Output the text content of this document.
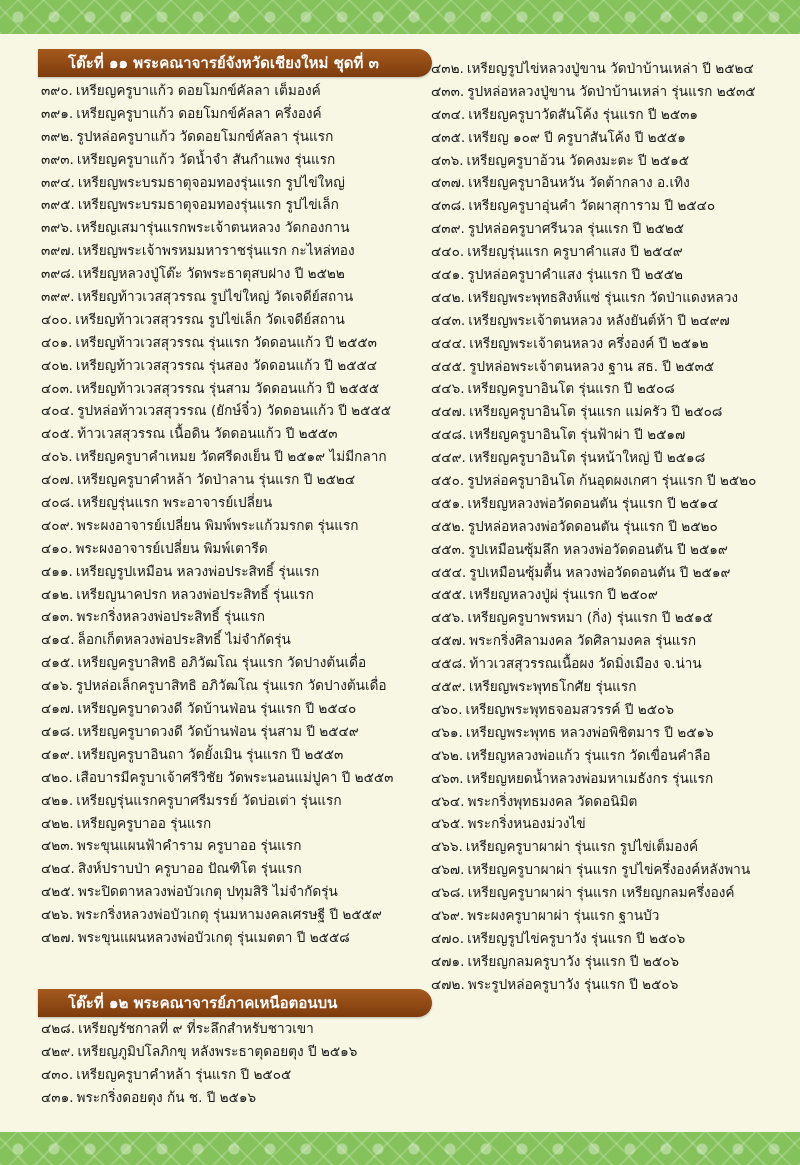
โต๊ะที่ ๑๑ พระคณาจารย์จังหวัดเชียงใหม่ ชุดที่ ๓
๓๙๐. เหรียญครูบาแก้ว ดอยโมกข์คัลลา เต็มองค์
๓๙๑. เหรียญครูบาแก้ว ดอยโมกข์คัลลา ครึ่งองค์
๓๙๒. รูปหล่อครูบาแก้ว วัดดอยโมกข์คัลลา รุ่นแรก
๓๙๓. เหรียญครูบาแก้ว วัดน้ำจำ สันกำแพง รุ่นแรก
๓๙๔. เหรียญพระบรมธาตุจอมทองรุ่นแรก รูปไข่ใหญ่
๓๙๕. เหรียญพระบรมธาตุจอมทองรุ่นแรก รูปไข่เล็ก
๓๙๖. เหรียญเสมารุ่นแรกพระเจ้าตนหลวง วัดกองกาน
๓๙๗. เหรียญพระเจ้าพรหมมหาราชรุ่นแรก กะไหล่ทอง
๓๙๘. เหรียญหลวงปู่โต๊ะ วัดพระธาตุสบฝาง ปี ๒๕๒๒
๓๙๙. เหรียญท้าวเวสสุวรรณ รูปไข่ใหญ่ วัดเจดีย์สถาน
๔๐๐. เหรียญท้าวเวสสุวรรณ รูปไข่เล็ก วัดเจดีย์สถาน
๔๐๑. เหรียญท้าวเวสสุวรรณ รุ่นแรก วัดดอนแก้ว ปี ๒๕๕๓
๔๐๒. เหรียญท้าวเวสสุวรรณ รุ่นสอง วัดดอนแก้ว ปี ๒๕๕๔
๔๐๓. เหรียญท้าวเวสสุวรรณ รุ่นสาม วัดดอนแก้ว ปี ๒๕๕๕
๔๐๔. รูปหล่อท้าวเวสสุวรรณ (ยักษ์จิ๋ว) วัดดอนแก้ว ปี ๒๕๕๕
๔๐๕. ท้าวเวสสุวรรณ เนื้อดิน วัดดอนแก้ว ปี ๒๕๕๓
๔๐๖. เหรียญครูบาคำเหมย วัดศรีดงเย็น ปี ๒๕๑๙ ไม่มีกลาก
๔๐๗. เหรียญครูบาคำหล้า วัดป่าลาน รุ่นแรก ปี ๒๕๒๔
๔๐๘. เหรียญรุ่นแรก พระอาจารย์เปลี่ยน
๔๐๙. พระผงอาจารย์เปลี่ยน พิมพ์พระแก้วมรกต รุ่นแรก
๔๑๐. พระผงอาจารย์เปลี่ยน พิมพ์เตารีด
๔๑๑. เหรียญรูปเหมือน หลวงพ่อประสิทธิ์ รุ่นแรก
๔๑๒. เหรียญนาคปรก หลวงพ่อประสิทธิ์ รุ่นแรก
๔๑๓. พระกริ่งหลวงพ่อประสิทธิ์ รุ่นแรก
๔๑๔. ล็อกเก็ตหลวงพ่อประสิทธิ์ ไม่จำกัดรุ่น
๔๑๕. เหรียญครูบาสิทธิ อภิวัฒโณ รุ่นแรก วัดปางต้นเดื่อ
๔๑๖. รูปหล่อเล็กครูบาสิทธิ อภิวัฒโณ รุ่นแรก วัดปางต้นเดื่อ
๔๑๗. เหรียญครูบาดวงดี วัดบ้านฟ่อน รุ่นแรก ปี ๒๕๔๐
๔๑๘. เหรียญครูบาดวงดี วัดบ้านฟ่อน รุ่นสาม ปี ๒๕๔๙
๔๑๙. เหรียญครูบาอินถา วัดยั้งเมิน รุ่นแรก ปี ๒๕๕๓
๔๒๐. เสือบารมีครูบาเจ้าศรีวิชัย วัดพระนอนแม่ปูคา ปี ๒๕๕๓
๔๒๑. เหรียญรุ่นแรกครูบาศรีมรรย์ วัดบ่อเต่า รุ่นแรก
๔๒๒. เหรียญครูบาออ รุ่นแรก
๔๒๓. พระขุนแผนฟ้าคำราม ครูบาออ รุ่นแรก
๔๒๔. สิงห์ปราบป่า ครูบาออ ปัณฑิโต รุ่นแรก
๔๒๕. พระปิดตาหลวงพ่อบัวเกตุ ปทุมสิริ ไม่จำกัดรุ่น
๔๒๖. พระกริ่งหลวงพ่อบัวเกตุ รุ่นมหามงคลเศรษฐี ปี ๒๕๕๙
๔๒๗. พระขุนแผนหลวงพ่อบัวเกตุ รุ่นเมตตา ปี ๒๕๕๘
โต๊ะที่ ๑๒ พระคณาจารย์ภาคเหนือตอนบน
๔๒๘. เหรียญรัชกาลที่ ๙ ที่ระลึกสำหรับชาวเขา
๔๒๙. เหรียญภูมิปโลภิกขุ หลังพระธาตุดอยตุง ปี ๒๕๑๖
๔๓๐. เหรียญครูบาคำหล้า รุ่นแรก ปี ๒๕๐๕
๔๓๑. พระกริ่งดอยตุง ก้น ช. ปี ๒๕๑๖
๔๓๒. เหรียญรูปไข่หลวงปู่ขาน วัดป่าบ้านเหล่า ปี ๒๕๒๔
๔๓๓. รูปหล่อหลวงปู่ขาน วัดป่าบ้านเหล่า รุ่นแรก ๒๕๓๕
๔๓๔. เหรียญครูบาวัดสันโค้ง รุ่นแรก ปี ๒๕๓๑
๔๓๕. เหรียญ ๑๐๙ ปี ครูบาสันโค้ง ปี ๒๕๕๑
๔๓๖. เหรียญครูบาอ้วน วัดคงมะตะ ปี ๒๕๑๕
๔๓๗. เหรียญครูบาอินหวัน วัดต้ากลาง อ.เทิง
๔๓๘. เหรียญครูบาอุ่นคำ วัดผาสุการาม ปี ๒๕๔๐
๔๓๙. รูปหล่อครูบาศรีนวล รุ่นแรก ปี ๒๕๒๕
๔๔๐. เหรียญรุ่นแรก ครูบาคำแสง ปี ๒๕๔๙
๔๔๑. รูปหล่อครูบาคำแสง รุ่นแรก ปี ๒๕๕๒
๔๔๒. เหรียญพระพุทธสิงห์แซ่ รุ่นแรก วัดป่าแดงหลวง
๔๔๓. เหรียญพระเจ้าตนหลวง หลังยันต์ห้า ปี ๒๔๙๗
๔๔๔. เหรียญพระเจ้าตนหลวง ครึ่งองค์ ปี ๒๕๑๒
๔๔๕. รูปหล่อพระเจ้าตนหลวง ฐาน สธ. ปี ๒๕๓๕
๔๔๖. เหรียญครูบาอินโต รุ่นแรก ปี ๒๕๐๘
๔๔๗. เหรียญครูบาอินโต รุ่นแรก แม่ครัว ปี ๒๕๐๘
๔๔๘. เหรียญครูบาอินโต รุ่นฟ้าผ่า ปี ๒๕๑๗
๔๔๙. เหรียญครูบาอินโต รุ่นหน้าใหญ่ ปี ๒๕๑๘
๔๕๐. รูปหล่อครูบาอินโต ก้นอุดผงเกศา รุ่นแรก ปี ๒๕๒๐
๔๕๑. เหรียญหลวงพ่อวัดดอนตัน รุ่นแรก ปี ๒๕๑๔
๔๕๒. รูปหล่อหลวงพ่อวัดดอนตัน รุ่นแรก ปี ๒๕๒๐
๔๕๓. รูปเหมือนซุ้มลึก หลวงพ่อวัดดอนตัน ปี ๒๕๑๙
๔๕๔. รูปเหมือนซุ้มตื้น หลวงพ่อวัดดอนตัน ปี ๒๕๑๙
๔๕๕. เหรียญหลวงปู่ผ่ รุ่นแรก ปี ๒๕๐๙
๔๕๖. เหรียญครูบาพรหมา (กิ่ง) รุ่นแรก ปี ๒๕๑๕
๔๕๗. พระกริ่งศิลามงคล วัดศิลามงคล รุ่นแรก
๔๕๘. ท้าวเวสสุวรรณเนื้อผง วัดมิ่งเมือง จ.น่าน
๔๕๙. เหรียญพระพุทธโกศัย รุ่นแรก
๔๖๐. เหรียญพระพุทธจอมสวรรค์ ปี ๒๕๐๖
๔๖๑. เหรียญพระพุทธ หลวงพ่อพิชิตมาร ปี ๒๕๑๖
๔๖๒. เหรียญหลวงพ่อแก้ว รุ่นแรก วัดเขื่อนคำลือ
๔๖๓. เหรียญหยดน้ำหลวงพ่อมหาเมธังกร รุ่นแรก
๔๖๔. พระกริ่งพุทธมงคล วัดดอนิมิต
๔๖๕. พระกริ่งหนองม่วงไข่
๔๖๖. เหรียญครูบาผาผ่า รุ่นแรก รูปไข่เต็มองค์
๔๖๗. เหรียญครูบาผาผ่า รุ่นแรก รูปไข่ครึ่งองค์หลังพาน
๔๖๘. เหรียญครูบาผาผ่า รุ่นแรก เหรียญกลมครึ่งองค์
๔๖๙. พระผงครูบาผาผ่า รุ่นแรก ฐานบัว
๔๗๐. เหรียญรูปไข่ครูบาวัง รุ่นแรก ปี ๒๕๐๖
๔๗๑. เหรียญกลมครูบาวัง รุ่นแรก ปี ๒๕๐๖
๔๗๒. พระรูปหล่อครูบาวัง รุ่นแรก ปี ๒๕๐๖
